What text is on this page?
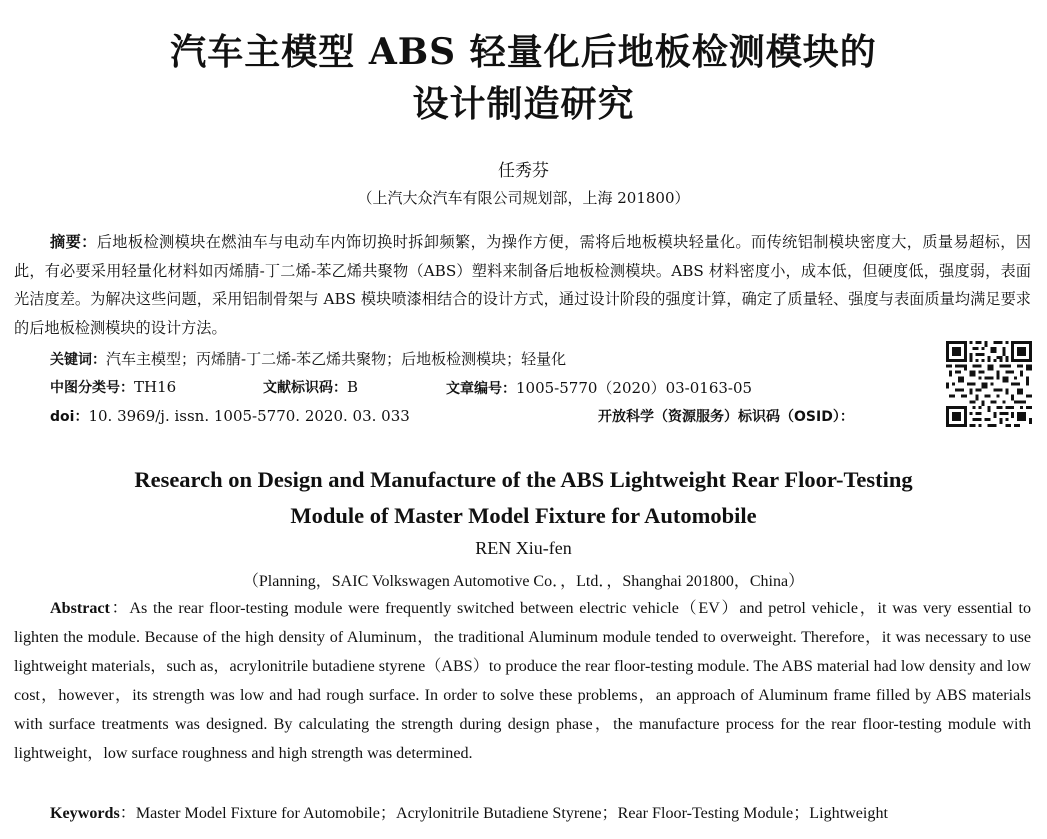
汽车主模型 ABS 轻量化后地板检测模块的
设计制造研究
任秀芬
（上汽大众汽车有限公司规划部，上海 201800）

摘要：后地板检测模块在燃油车与电动车内饰切换时拆卸频繁，为操作方便，需将后地板模块轻量化。而传统铝制模块密度大，质量易超标，因此，有必要采用轻量化材料如丙烯腈-丁二烯-苯乙烯共聚物（ABS）塑料来制备后地板检测模块。ABS 材料密度小，成本低，但硬度低，强度弱，表面光洁度差。为解决这些问题，采用铝制骨架与 ABS 模块喷漆相结合的设计方式，通过设计阶段的强度计算，确定了质量轻、强度与表面质量均满足要求的后地板检测模块的设计方法。

关键词：汽车主模型；丙烯腈-丁二烯-苯乙烯共聚物；后地板检测模块；轻量化
中图分类号：TH16	文献标识码：B	文章编号：1005-5770（2020）03-0163-05
doi：10. 3969/j. issn. 1005-5770. 2020. 03. 033	开放科学（资源服务）标识码（OSID）：
Research on Design and Manufacture of the ABS Lightweight Rear Floor-Testing
Module of Master Model Fixture for Automobile
REN Xiu-fen
（Planning，SAIC Volkswagen Automotive Co．，Ltd．，Shanghai 201800，China）

Abstract：As the rear floor-testing module were frequently switched between electric vehicle（EV）and petrol vehicle，it was very essential to lighten the module. Because of the high density of Aluminum，the traditional Aluminum module tended to overweight. Therefore，it was necessary to use lightweight materials，such as，acrylonitrile butadiene styrene（ABS）to produce the rear floor-testing module. The ABS material had low density and low cost，however，its strength was low and had rough surface. In order to solve these problems，an approach of Aluminum frame filled by ABS materials with surface treatments was designed. By calculating the strength during design phase，the manufacture process for the rear floor-testing module with lightweight，low surface roughness and high strength was determined.

Keywords：Master Model Fixture for Automobile；Acrylonitrile Butadiene Styrene；Rear Floor-Testing Module；Lightweight
